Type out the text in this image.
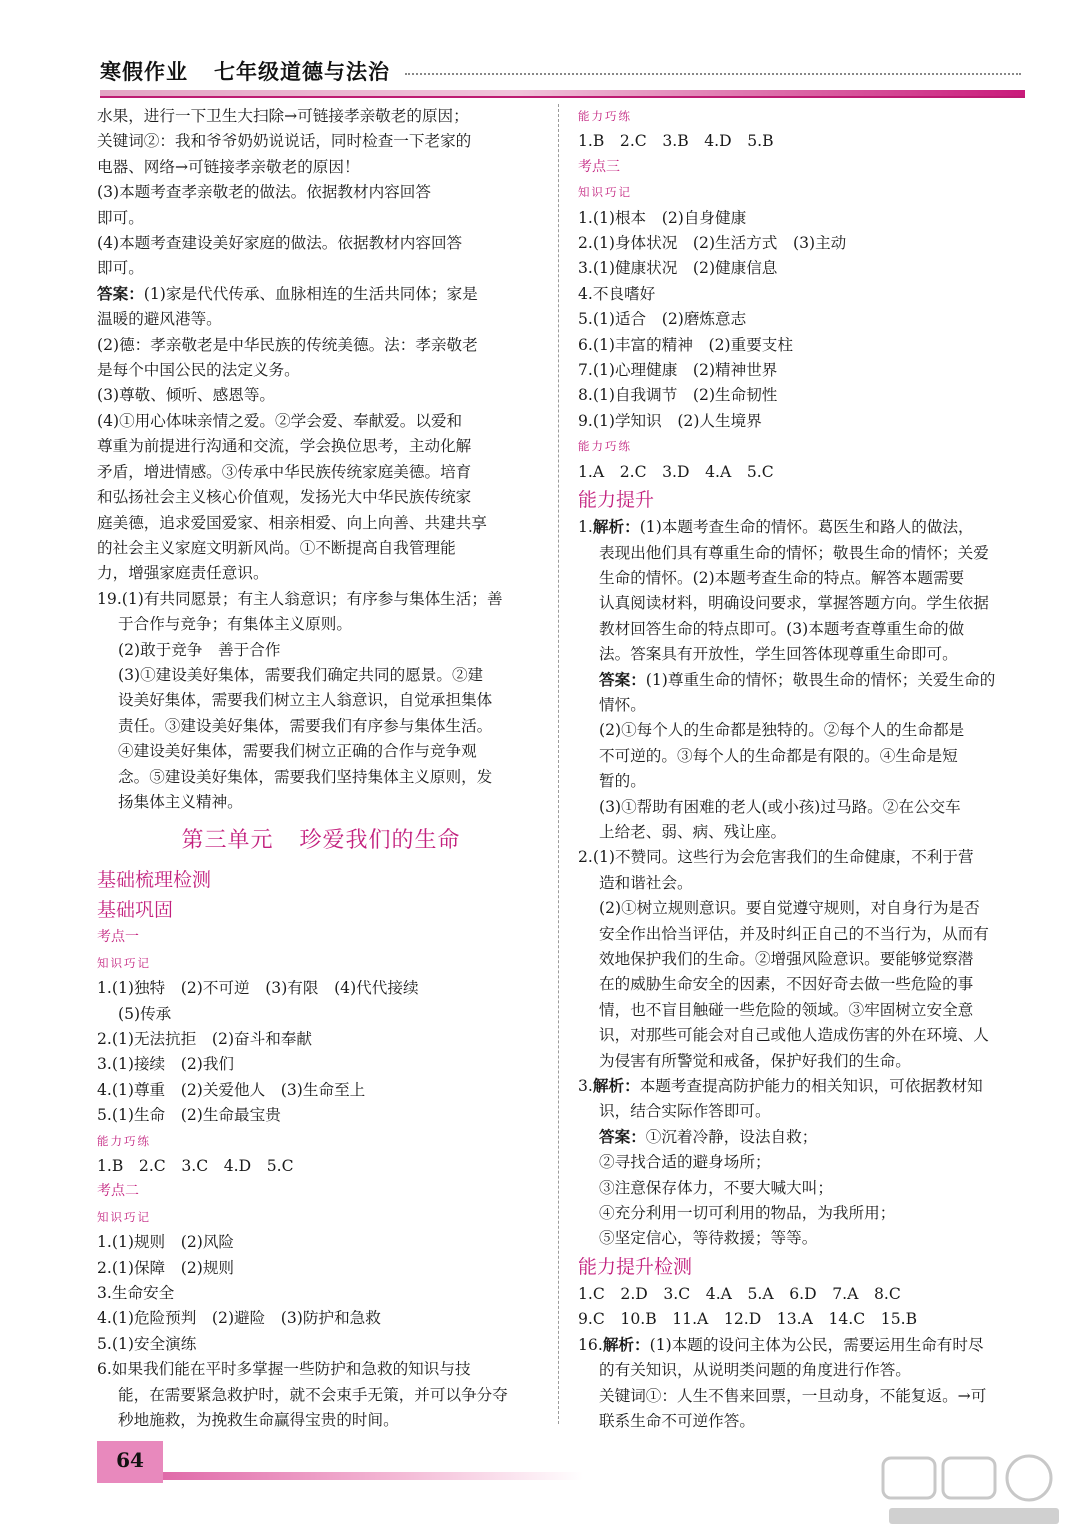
寒假作业 七年级道德与法治
水果，进行一下卫生大扫除→可链接孝亲敬老的原因；
关键词②：我和爷爷奶奶说说话，同时检查一下老家的
电器、网络→可链接孝亲敬老的原因！
(3)本题考查孝亲敬老的做法。依据教材内容回答
即可。
(4)本题考查建设美好家庭的做法。依据教材内容回答
即可。
答案：(1)家是代代传承、血脉相连的生活共同体；家是
温暖的避风港等。
(2)德：孝亲敬老是中华民族的传统美德。法：孝亲敬老
是每个中国公民的法定义务。
(3)尊敬、倾听、感恩等。
(4)①用心体味亲情之爱。②学会爱、奉献爱。以爱和
尊重为前提进行沟通和交流，学会换位思考，主动化解
矛盾，增进情感。③传承中华民族传统家庭美德。培育
和弘扬社会主义核心价值观，发扬光大中华民族传统家
庭美德，追求爱国爱家、相亲相爱、向上向善、共建共享
的社会主义家庭文明新风尚。①不断提高自我管理能
力，增强家庭责任意识。
19.(1)有共同愿景；有主人翁意识；有序参与集体生活；善
于合作与竞争；有集体主义原则。
(2)敢于竞争　善于合作
(3)①建设美好集体，需要我们确定共同的愿景。②建
设美好集体，需要我们树立主人翁意识，自觉承担集体
责任。③建设美好集体，需要我们有序参与集体生活。
④建设美好集体，需要我们树立正确的合作与竞争观
念。⑤建设美好集体，需要我们坚持集体主义原则，发
扬集体主义精神。
第三单元 珍爱我们的生命
基础梳理检测
基础巩固
考点一
知识巧记
1.(1)独特　(2)不可逆　(3)有限　(4)代代接续
(5)传承
2.(1)无法抗拒　(2)奋斗和奉献
3.(1)接续　(2)我们
4.(1)尊重　(2)关爱他人　(3)生命至上
5.(1)生命　(2)生命最宝贵
能力巧练
1.B　2.C　3.C　4.D　5.C
考点二
知识巧记
1.(1)规则　(2)风险
2.(1)保障　(2)规则
3.生命安全
4.(1)危险预判　(2)避险　(3)防护和急救
5.(1)安全演练
6.如果我们能在平时多掌握一些防护和急救的知识与技
能，在需要紧急救护时，就不会束手无策，并可以争分夺
秒地施救，为挽救生命赢得宝贵的时间。
能力巧练
1.B　2.C　3.B　4.D　5.B
考点三
知识巧记
1.(1)根本　(2)自身健康
2.(1)身体状况　(2)生活方式　(3)主动
3.(1)健康状况　(2)健康信息
4.不良嗜好
5.(1)适合　(2)磨炼意志
6.(1)丰富的精神　(2)重要支柱
7.(1)心理健康　(2)精神世界
8.(1)自我调节　(2)生命韧性
9.(1)学知识　(2)人生境界
能力巧练
1.A　2.C　3.D　4.A　5.C
能力提升
1.解析：(1)本题考查生命的情怀。葛医生和路人的做法，
表现出他们具有尊重生命的情怀；敬畏生命的情怀；关爱
生命的情怀。(2)本题考查生命的特点。解答本题需要
认真阅读材料，明确设问要求，掌握答题方向。学生依据
教材回答生命的特点即可。(3)本题考查尊重生命的做
法。答案具有开放性，学生回答体现尊重生命即可。
答案：(1)尊重生命的情怀；敬畏生命的情怀；关爱生命的
情怀。
(2)①每个人的生命都是独特的。②每个人的生命都是
不可逆的。③每个人的生命都是有限的。④生命是短
暂的。
(3)①帮助有困难的老人(或小孩)过马路。②在公交车
上给老、弱、病、残让座。
2.(1)不赞同。这些行为会危害我们的生命健康，不利于营
造和谐社会。
(2)①树立规则意识。要自觉遵守规则，对自身行为是否
安全作出恰当评估，并及时纠正自己的不当行为，从而有
效地保护我们的生命。②增强风险意识。要能够觉察潜
在的威胁生命安全的因素，不因好奇去做一些危险的事
情，也不盲目触碰一些危险的领域。③牢固树立安全意
识，对那些可能会对自己或他人造成伤害的外在环境、人
为侵害有所警觉和戒备，保护好我们的生命。
3.解析：本题考查提高防护能力的相关知识，可依据教材知
识，结合实际作答即可。
答案：①沉着冷静，设法自救；
②寻找合适的避身场所；
③注意保存体力，不要大喊大叫；
④充分利用一切可利用的物品，为我所用；
⑤坚定信心，等待救援；等等。
能力提升检测
1.C　2.D　3.C　4.A　5.A　6.D　7.A　8.C
9.C　10.B　11.A　12.D　13.A　14.C　15.B
16.解析：(1)本题的设问主体为公民，需要运用生命有时尽
的有关知识，从说明类问题的角度进行作答。
关键词①：人生不售来回票，一旦动身，不能复返。→可
联系生命不可逆作答。
64
